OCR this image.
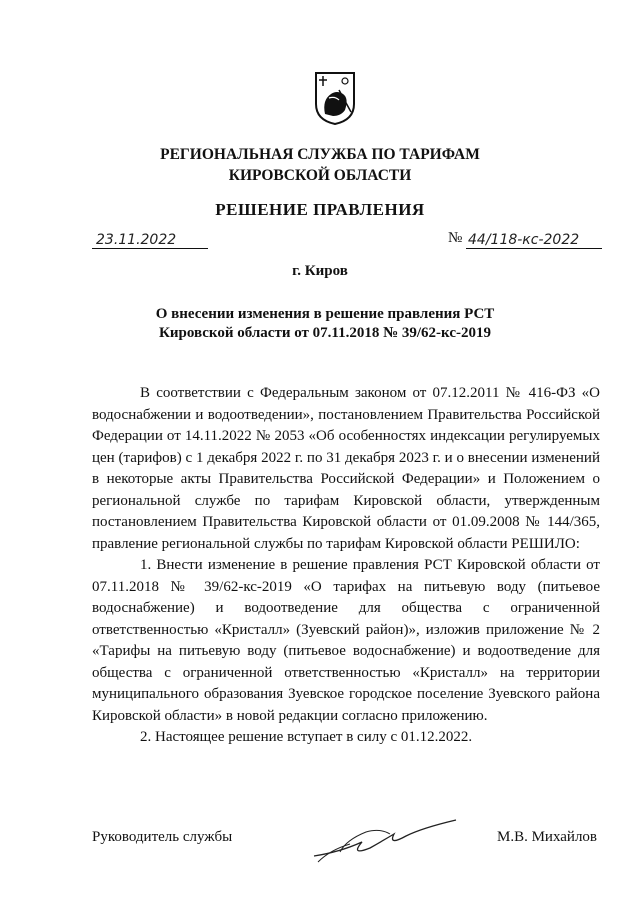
РЕГИОНАЛЬНАЯ СЛУЖБА ПО ТАРИФАМ
КИРОВСКОЙ ОБЛАСТИ
РЕШЕНИЕ ПРАВЛЕНИЯ
23.11.2022	№ 44/118-кс-2022
г. Киров
О внесении изменения в решение правления РСТ Кировской области от 07.11.2018 № 39/62-кс-2019

В соответствии с Федеральным законом от 07.12.2011 № 416-ФЗ «О водоснабжении и водоотведении», постановлением Правительства Российской Федерации от 14.11.2022 № 2053 «Об особенностях индексации регулируемых цен (тарифов) с 1 декабря 2022 г. по 31 декабря 2023 г. и о внесении изменений в некоторые акты Правительства Российской Федерации» и Положением о региональной службе по тарифам Кировской области, утвержденным постановлением Правительства Кировской области от 01.09.2008 № 144/365, правление региональной службы по тарифам Кировской области РЕШИЛО:

1. Внести изменение в решение правления РСТ Кировской области от 07.11.2018 № 39/62-кс-2019 «О тарифах на питьевую воду (питьевое водоснабжение) и водоотведение для общества с ограниченной ответственностью «Кристалл» (Зуевский район)», изложив приложение № 2 «Тарифы на питьевую воду (питьевое водоснабжение) и водоотведение для общества с ограниченной ответственностью «Кристалл» на территории муниципального образования Зуевское городское поселение Зуевского района Кировской области» в новой редакции согласно приложению.

2. Настоящее решение вступает в силу с 01.12.2022.

Руководитель службы	М.В. Михайлов
